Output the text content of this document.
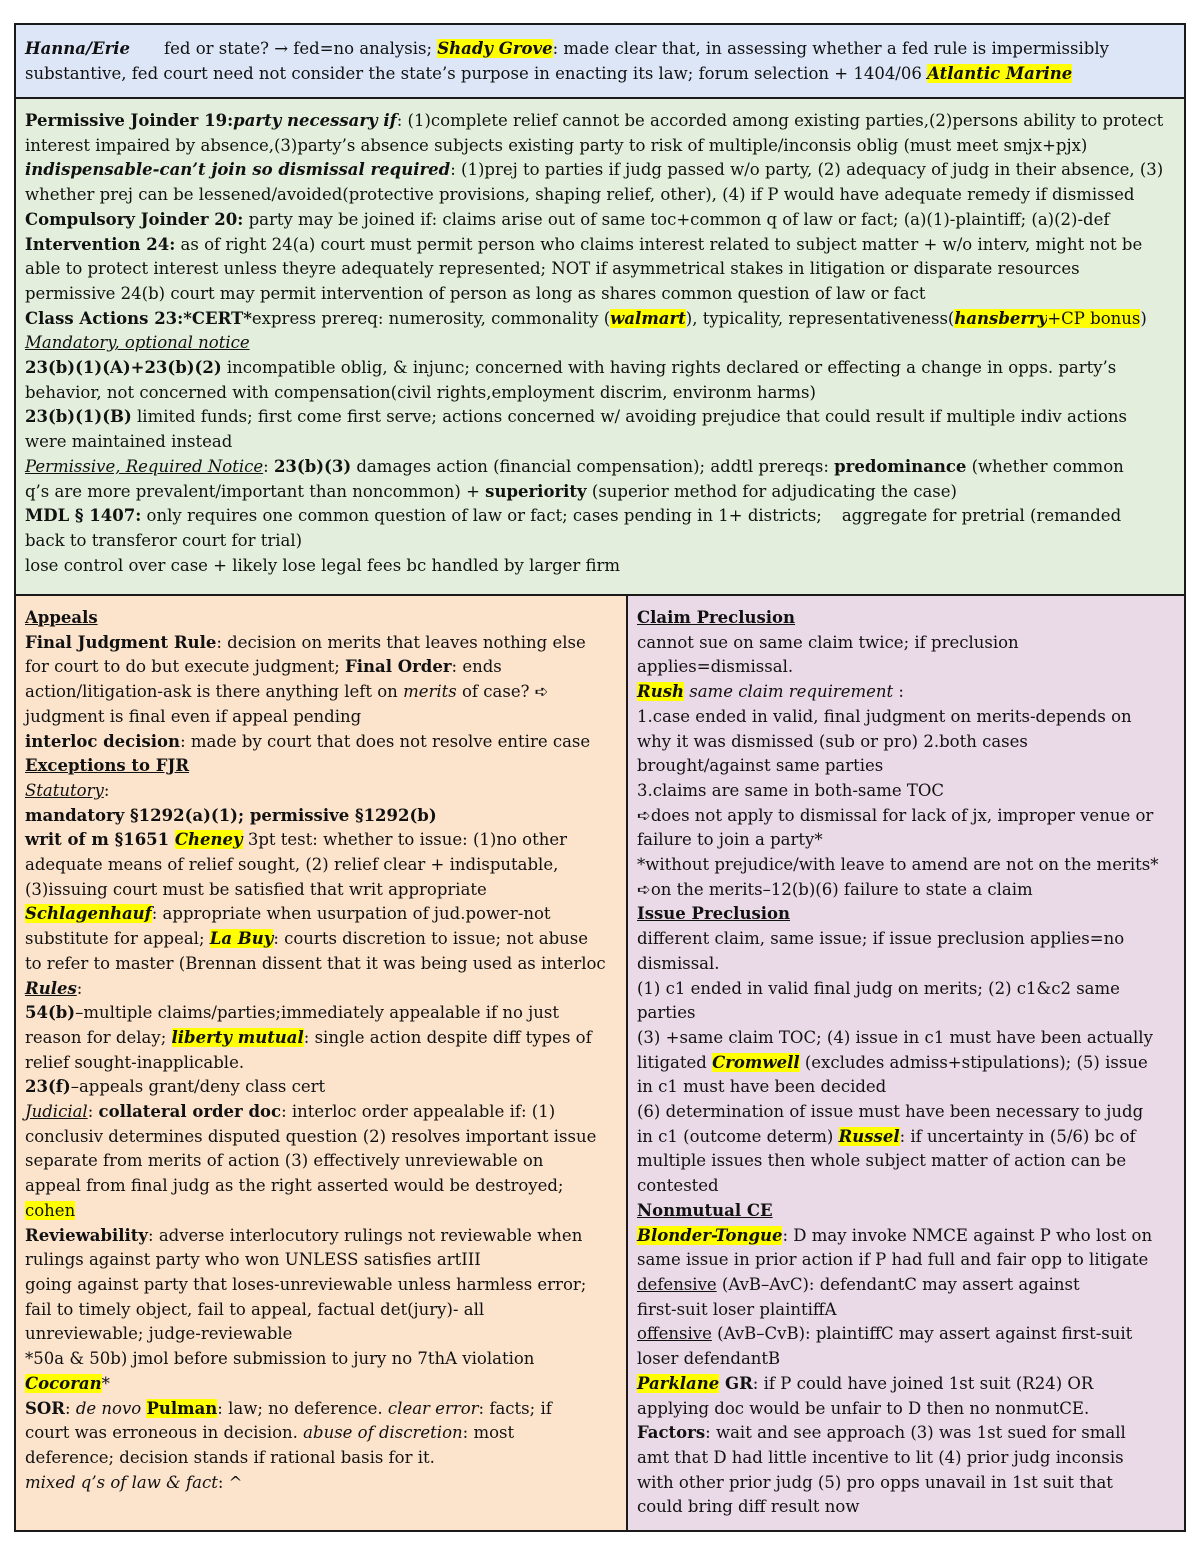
Hanna/Erie fed or state? → fed=no analysis; Shady Grove: made clear that, in assessing whether a fed rule is impermissibly
substantive, fed court need not consider the state’s purpose in enacting its law; forum selection + 1404/06 Atlantic Marine
Permissive Joinder 19:party necessary if: (1)complete relief cannot be accorded among existing parties,(2)persons ability to protect
interest impaired by absence,(3)party’s absence subjects existing party to risk of multiple/inconsis oblig (must meet smjx+pjx)
indispensable-can’t join so dismissal required: (1)prej to parties if judg passed w/o party, (2) adequacy of judg in their absence, (3)
whether prej can be lessened/avoided(protective provisions, shaping relief, other), (4) if P would have adequate remedy if dismissed
Compulsory Joinder 20: party may be joined if: claims arise out of same toc+common q of law or fact; (a)(1)-plaintiff; (a)(2)-def
Intervention 24: as of right 24(a) court must permit person who claims interest related to subject matter + w/o interv, might not be
able to protect interest unless theyre adequately represented; NOT if asymmetrical stakes in litigation or disparate resources
permissive 24(b) court may permit intervention of person as long as shares common question of law or fact
Class Actions 23:*CERT*express prereq: numerosity, commonality (walmart), typicality, representativeness(hansberry+CP bonus)
Mandatory, optional notice
23(b)(1)(A)+23(b)(2) incompatible oblig, & injunc; concerned with having rights declared or effecting a change in opps. party’s
behavior, not concerned with compensation(civil rights,employment discrim, environm harms)
23(b)(1)(B) limited funds; first come first serve; actions concerned w/ avoiding prejudice that could result if multiple indiv actions
were maintained instead
Permissive, Required Notice: 23(b)(3) damages action (financial compensation); addtl prereqs: predominance (whether common
q’s are more prevalent/important than noncommon) + superiority (superior method for adjudicating the case)
MDL § 1407: only requires one common question of law or fact; cases pending in 1+ districts; aggregate for pretrial (remanded
back to transferor court for trial)
lose control over case + likely lose legal fees bc handled by larger firm
Appeals
Final Judgment Rule: decision on merits that leaves nothing else
for court to do but execute judgment; Final Order: ends
action/litigation-ask is there anything left on merits of case? ➪
judgment is final even if appeal pending
interloc decision: made by court that does not resolve entire case
Exceptions to FJR
Statutory:
mandatory §1292(a)(1); permissive §1292(b)
writ of m §1651 Cheney 3pt test: whether to issue: (1)no other
adequate means of relief sought, (2) relief clear + indisputable,
(3)issuing court must be satisfied that writ appropriate
Schlagenhauf: appropriate when usurpation of jud.power-not
substitute for appeal; La Buy: courts discretion to issue; not abuse
to refer to master (Brennan dissent that it was being used as interloc
Rules:
54(b)–multiple claims/parties;immediately appealable if no just
reason for delay; liberty mutual: single action despite diff types of
relief sought-inapplicable.
23(f)–appeals grant/deny class cert
Judicial: collateral order doc: interloc order appealable if: (1)
conclusiv determines disputed question (2) resolves important issue
separate from merits of action (3) effectively unreviewable on
appeal from final judg as the right asserted would be destroyed;
cohen
Reviewability: adverse interlocutory rulings not reviewable when
rulings against party who won UNLESS satisfies artIII
going against party that loses-unreviewable unless harmless error;
fail to timely object, fail to appeal, factual det(jury)- all
unreviewable; judge-reviewable
*50a & 50b) jmol before submission to jury no 7thA violation
Cocoran*
SOR: de novo Pulman: law; no deference. clear error: facts; if
court was erroneous in decision. abuse of discretion: most
deference; decision stands if rational basis for it.
mixed q’s of law & fact: ^
Claim Preclusion
cannot sue on same claim twice; if preclusion
applies=dismissal.
Rush same claim requirement :
1.case ended in valid, final judgment on merits-depends on
why it was dismissed (sub or pro) 2.both cases
brought/against same parties
3.claims are same in both-same TOC
➪does not apply to dismissal for lack of jx, improper venue or
failure to join a party*
*without prejudice/with leave to amend are not on the merits*
➪on the merits–12(b)(6) failure to state a claim
Issue Preclusion
different claim, same issue; if issue preclusion applies=no
dismissal.
(1) c1 ended in valid final judg on merits; (2) c1&c2 same
parties
(3) +same claim TOC; (4) issue in c1 must have been actually
litigated Cromwell (excludes admiss+stipulations); (5) issue
in c1 must have been decided
(6) determination of issue must have been necessary to judg
in c1 (outcome determ) Russel: if uncertainty in (5/6) bc of
multiple issues then whole subject matter of action can be
contested
Nonmutual CE
Blonder-Tongue: D may invoke NMCE against P who lost on
same issue in prior action if P had full and fair opp to litigate
defensive (AvB–AvC): defendantC may assert against
first-suit loser plaintiffA
offensive (AvB–CvB): plaintiffC may assert against first-suit
loser defendantB
Parklane GR: if P could have joined 1st suit (R24) OR
applying doc would be unfair to D then no nonmutCE.
Factors: wait and see approach (3) was 1st sued for small
amt that D had little incentive to lit (4) prior judg inconsis
with other prior judg (5) pro opps unavail in 1st suit that
could bring diff result now
